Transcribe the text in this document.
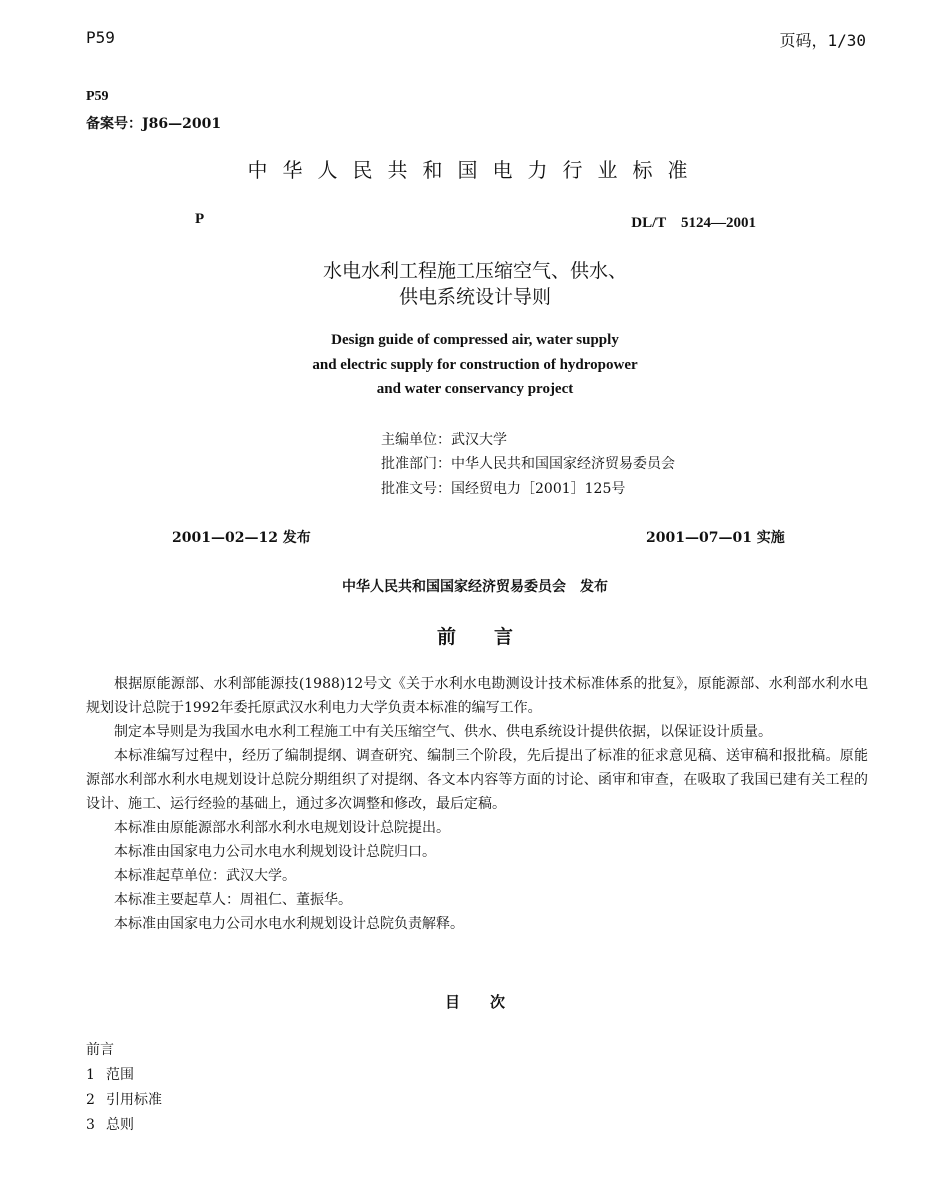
P59	页码，1/30
P59
备案号：J86—2001
中华人民共和国电力行业标准
P	DL/T　5124—2001
水电水利工程施工压缩空气、供水、
供电系统设计导则
Design guide of compressed air, water supply
and electric supply for construction of hydropower
and water conservancy project
主编单位：武汉大学
批准部门：中华人民共和国国家经济贸易委员会
批准文号：国经贸电力［2001］125号
2001—02—12 发布	2001—07—01 实施
中华人民共和国国家经济贸易委员会　发布
前　　言

根据原能源部、水利部能源技(1988)12号文《关于水利水电勘测设计技术标准体系的批复》，原能源部、水利部水利水电规划设计总院于1992年委托原武汉水利电力大学负责本标准的编写工作。

制定本导则是为我国水电水利工程施工中有关压缩空气、供水、供电系统设计提供依据，以保证设计质量。

本标准编写过程中，经历了编制提纲、调查研究、编制三个阶段，先后提出了标准的征求意见稿、送审稿和报批稿。原能源部水利部水利水电规划设计总院分期组织了对提纲、各文本内容等方面的讨论、函审和审查，在吸取了我国已建有关工程的设计、施工、运行经验的基础上，通过多次调整和修改，最后定稿。

本标准由原能源部水利部水利水电规划设计总院提出。

本标准由国家电力公司水电水利规划设计总院归口。

本标准起草单位：武汉大学。

本标准主要起草人：周祖仁、董振华。

本标准由国家电力公司水电水利规划设计总院负责解释。

目　　次
前言
1 范围
2 引用标准
3 总则
